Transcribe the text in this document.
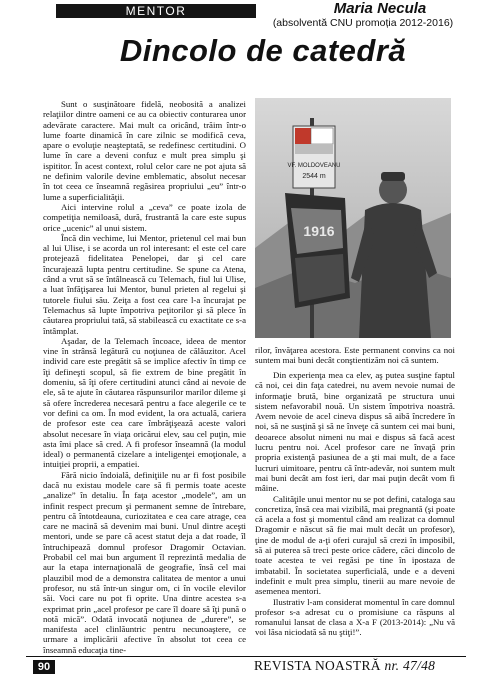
MENTOR	Maria Necula
(absolventă CNU promoția 2012-2016)
Dincolo de catedră

Sunt o susţinătoare fidelă, neobosită a analizei relaţiilor dintre oameni ce au ca obiectiv conturarea unor adevărate caractere. Mai mult ca oricând, trăim într-o lume foarte dinamică în care zilnic se modifică ceva, apare o evoluţie neaşteptată, se redefinesc certitudini. O lume în care a deveni confuz e mult prea simplu şi ispititor. În acest context, rolul celor care ne pot ajuta să ne definim valorile devine emblematic, absolut necesar în tot ceea ce înseamnă regăsirea propriului „eu” într-o lume a superficialităţii.

Aici intervine rolul a „ceva” ce poate izola de competiţia nemiloasă, dură, frustrantă la care este supus orice „ucenic” al unui sistem.

Încă din vechime, lui Mentor, prietenul cel mai bun al lui Ulise, i se acorda un rol interesant: el este cel care protejează fidelitatea Penelopei, dar şi cel care încurajează lupta pentru certitudine. Se spune ca Atena, când a vrut să se întâlnească cu Telemach, fiul lui Ulise, a luat înfăţişarea lui Mentor, bunul prieten al regelui şi tutorele fiului său. Zeiţa a fost cea care l-a încurajat pe Telemachus să lupte împotriva peţitorilor şi să plece în căutarea propriului tată, să stabilească cu exactitate ce s-a întâmplat.

Aşadar, de la Telemach încoace, ideea de mentor vine în strânsă legătură cu noţiunea de călăuzitor. Acel individ care este pregătit să se implice afectiv în timp ce îţi defineşti scopul, să fie extrem de bine pregătit în domeniu, să îţi ofere certitudini atunci când ai nevoie de ele, să te ajute în căutarea răspunsurilor marilor dileme şi să ofere încrederea necesară pentru a face alegerile ce te vor defini ca om. În mod evident, la ora actuală, cariera de profesor este cea care îmbrăţişează aceste valori absolut necesare în viaţa oricărui elev, sau cel puţin, mie asta îmi place să cred. A fi profesor înseamnă (la modul ideal) o permanentă cizelare a inteligenţei emoţionale, a intuiţiei proprii, a empatiei.

Fără nicio îndoială, definiţiile nu ar fi fost posibile dacă nu existau modele care să fi permis toate aceste „analize” în detaliu. În faţa acestor „modele”, am un infinit respect precum şi permanent semne de întrebare, pentru că întotdeauna, curiozitatea e cea care atrage, cea care ne macină să devenim mai buni. Unul dintre aceşti mentori, unde se pare că acest statut deja a dat roade, îl întruchipează domnul profesor Dragomir Octavian. Probabil cel mai bun argument îl reprezintă medalia de aur la etapa internaţională de geografie, însă cel mai plauzibil mod de a demonstra calitatea de mentor a unui profesor, nu stă într-un singur om, ci în vocile elevilor săi. Voci care nu pot fi oprite. Una dintre acestea s-a exprimat prin „acel profesor pe care îl doare să îţi pună o notă mică”. Odată invocată noţiunea de „durere”, se manifesta acel clinlăuntric pentru necunoaştere, ce urmare a implicării afective în absolut tot ceea ce înseamnă educaţia tine-

VF. MOLDOVEANU
2544 m
1916

rilor, învăţarea acestora. Este permanent convins ca noi suntem mai buni decât conştientizăm noi că suntem.

Din experienţa mea ca elev, aş putea susţine faptul că noi, cei din faţa catedrei, nu avem nevoie numai de informaţie brută, bine organizată pe structura unui sistem nefavorabil nouă. Un sistem împotriva noastră. Avem nevoie de acel cineva dispus să aibă încredere în noi, să ne susţină şi să ne înveţe că suntem cei mai buni, deoarece absolut nimeni nu mai e dispus să facă acest lucru pentru noi. Acel profesor care ne învaţă prin propria existenţă pasiunea de a şti mai mult, de a face lucruri uimitoare, pentru că într-adevăr, noi suntem mult mai buni decât am fost ieri, dar mai puţin decât vom fi mâine.

Calităţile unui mentor nu se pot defini, catalogа sau concretiza, însă cea mai vizibilă, mai pregnantă (şi poate că acela a fost şi momentul când am realizat ca domnul Dragomir e născut să fie mai mult decât un profesor), ţine de modul de a-ţi oferi curajul să crezi în imposibil, să ai puterea să treci peste orice cădere, căci dincolo de toate acestea te vei regăsi pe tine în ipostaza de imbatabil. În societatea superficială, unde e a deveni indefinit e mult prea simplu, tinerii au mare nevoie de asemenea mentori.

Ilustrativ l-am considerat momentul în care domnul profesor s-a adresat cu o promisiune ca răspuns al romanului lansat de clasa a X-a F (2013-2014): „Nu vă voi lăsa niciodată să nu ştiţi!”.

90	REVISTA NOASTRĂ nr. 47/48
